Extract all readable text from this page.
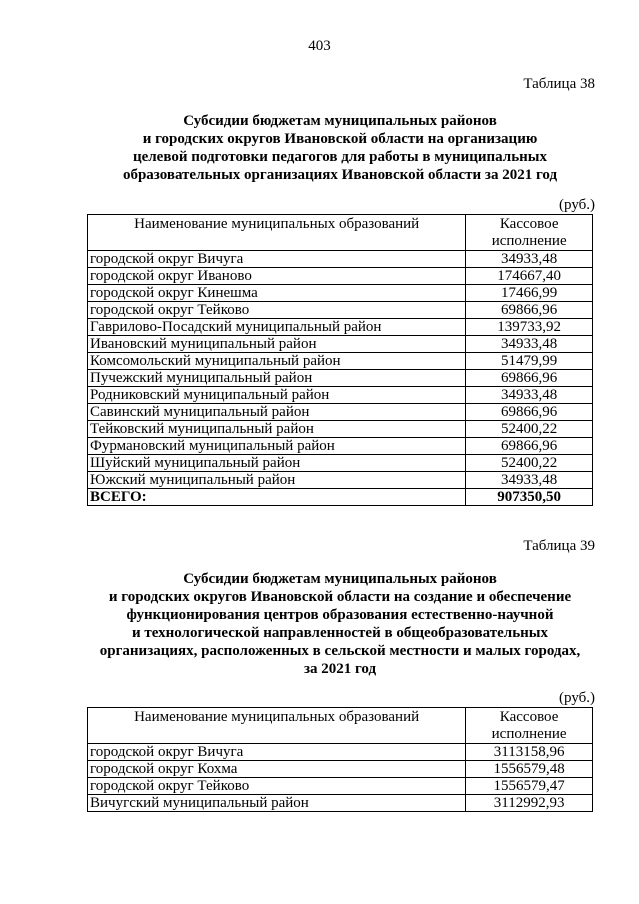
403
Таблица 38
Субсидии бюджетам муниципальных районов
и городских округов Ивановской области на организацию
целевой подготовки педагогов для работы в муниципальных
образовательных организациях Ивановской области за 2021 год
(руб.)
Наименование муниципальных образований	Кассовое
исполнение

городской округ Вичуга	34933,48
городской округ Иваново	174667,40
городской округ Кинешма	17466,99
городской округ Тейково	69866,96
Гаврилово-Посадский муниципальный район	139733,92
Ивановский муниципальный район	34933,48
Комсомольский муниципальный район	51479,99
Пучежский муниципальный район	69866,96
Родниковский муниципальный район	34933,48
Савинский муниципальный район	69866,96
Тейковский муниципальный район	52400,22
Фурмановский муниципальный район	69866,96
Шуйский муниципальный район	52400,22
Южский муниципальный район	34933,48
ВСЕГО:	907350,50
Таблица 39
Субсидии бюджетам муниципальных районов
и городских округов Ивановской области на создание и обеспечение
функционирования центров образования естественно-научной
и технологической направленностей в общеобразовательных
организациях, расположенных в сельской местности и малых городах,
за 2021 год
(руб.)
Наименование муниципальных образований	Кассовое
исполнение

городской округ Вичуга	3113158,96
городской округ Кохма	1556579,48
городской округ Тейково	1556579,47
Вичугский муниципальный район	3112992,93
